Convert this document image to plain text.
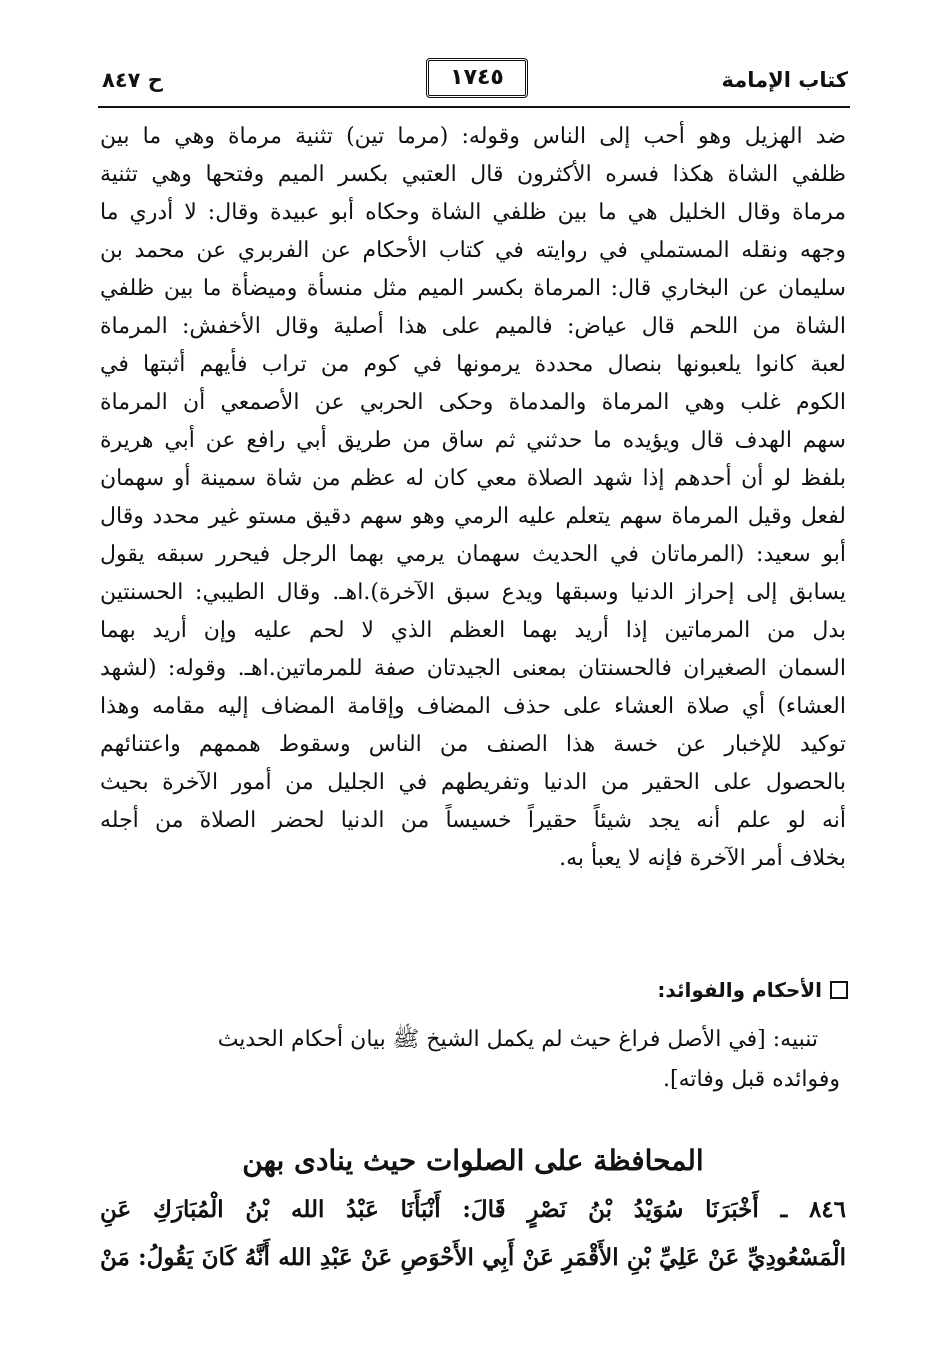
كتاب الإمامة
١٧٤٥
ح ٨٤٧
ضد الهزيل وهو أحب إلى الناس وقوله: (مرما تين) تثنية مرماة وهي ما بين
ظلفي الشاة هكذا فسره الأكثرون قال العتبي بكسر الميم وفتحها وهي تثنية
مرماة وقال الخليل هي ما بين ظلفي الشاة وحكاه أبو عبيدة وقال: لا أدري ما
وجهه ونقله المستملي في روايته في كتاب الأحكام عن الفربري عن محمد بن
سليمان عن البخاري قال: المرماة بكسر الميم مثل منسأة وميضأة ما بين ظلفي
الشاة من اللحم قال عياض: فالميم على هذا أصلية وقال الأخفش: المرماة
لعبة كانوا يلعبونها بنصال محددة يرمونها في كوم من تراب فأيهم أثبتها في
الكوم غلب وهي المرماة والمدماة وحكى الحربي عن الأصمعي أن المرماة
سهم الهدف قال ويؤيده ما حدثني ثم ساق من طريق أبي رافع عن أبي هريرة
بلفظ لو أن أحدهم إذا شهد الصلاة معي كان له عظم من شاة سمينة أو سهمان
لفعل وقيل المرماة سهم يتعلم عليه الرمي وهو سهم دقيق مستو غير محدد وقال
أبو سعيد: (المرماتان في الحديث سهمان يرمي بهما الرجل فيحرر سبقه يقول
يسابق إلى إحراز الدنيا وسبقها ويدع سبق الآخرة).اهـ. وقال الطيبي: الحسنتين
بدل من المرماتين إذا أريد بهما العظم الذي لا لحم عليه وإن أريد بهما
السمان الصغيران فالحسنتان بمعنى الجيدتان صفة للمرماتين.اهـ. وقوله: (لشهد
العشاء) أي صلاة العشاء على حذف المضاف وإقامة المضاف إليه مقامه وهذا
توكيد للإخبار عن خسة هذا الصنف من الناس وسقوط هممهم واعتنائهم
بالحصول على الحقير من الدنيا وتفريطهم في الجليل من أمور الآخرة بحيث
أنه لو علم أنه يجد شيئاً حقيراً خسيساً من الدنيا لحضر الصلاة من أجله
بخلاف أمر الآخرة فإنه لا يعبأ به.
الأحكام والفوائد:
تنبيه: [في الأصل فراغ حيث لم يكمل الشيخ ﷺ بيان أحكام الحديث
وفوائده قبل وفاته].
المحافظة على الصلوات حيث ينادى بهن
٨٤٦ ـ أَخْبَرَنَا سُوَيْدُ بْنُ نَصْرٍ قَالَ: أَنْبَأَنَا عَبْدُ الله بْنُ الْمُبَارَكِ عَنِ
الْمَسْعُودِيِّ عَنْ عَلِيِّ بْنِ الأَقْمَرِ عَنْ أَبِي الأَحْوَصِ عَنْ عَبْدِ الله أَنَّهُ كَانَ يَقُولُ: مَنْ
